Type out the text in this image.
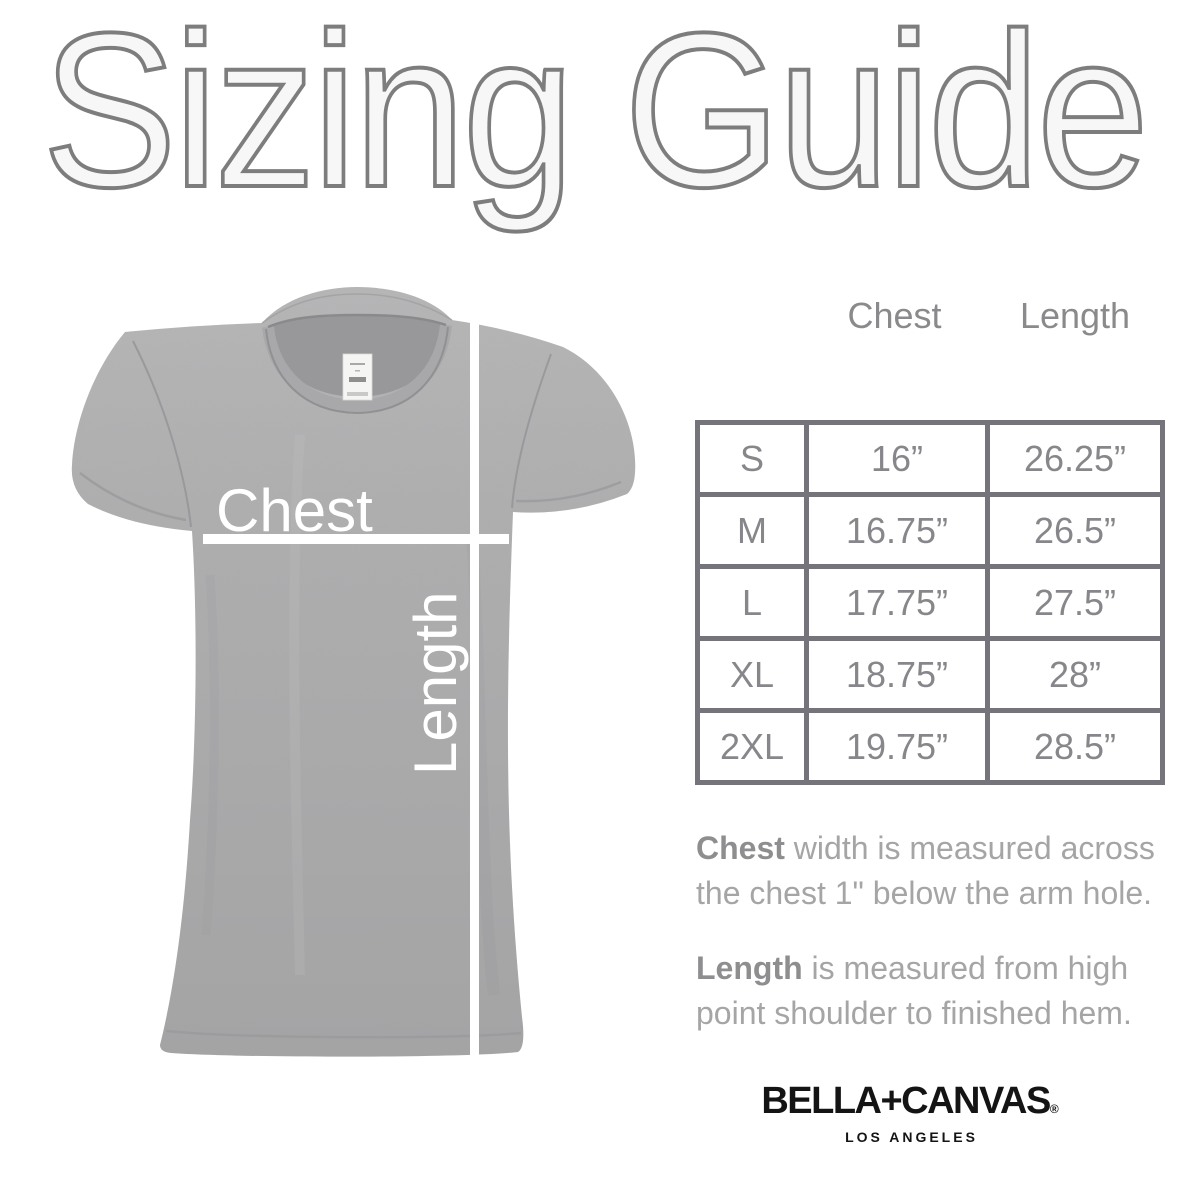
Sizing Guide
Chest
Length
Chest	Length
S	16”	26.25”
M	16.75”	26.5”
L	17.75”	27.5”
XL	18.75”	28”
2XL	19.75”	28.5”

Chest width is measured across the chest 1" below the arm hole.

Length is measured from high point shoulder to finished hem.

BELLA+CANVAS®
LOS ANGELES
